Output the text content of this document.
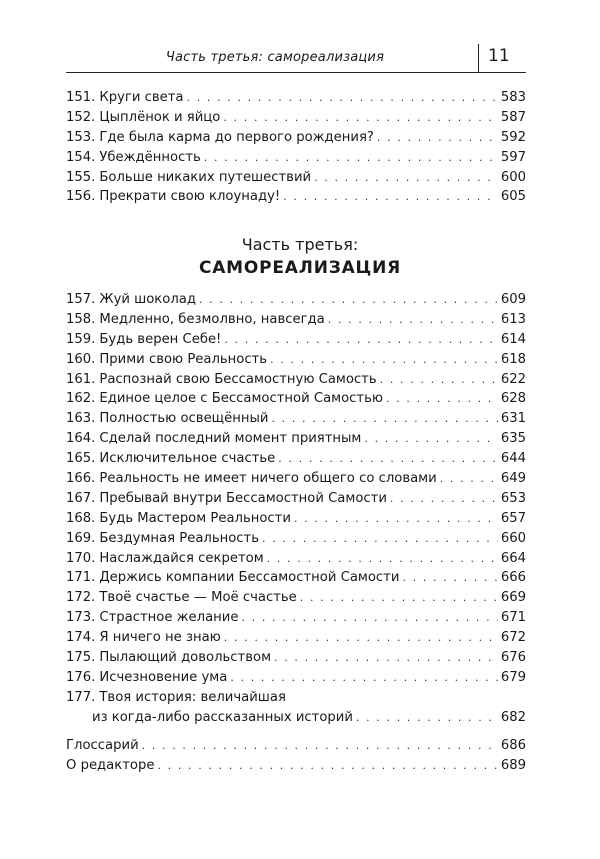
Часть третья: самореализация	11
151. Круги света . . .	583
152. Цыплёнок и яйцо . . .	587
153. Где была карма до первого рождения? . . .	592
154. Убеждённость . . .	597
155. Больше никаких путешествий . . .	600
156. Прекрати свою клоунаду! . . .	605
Часть третья:
САМОРЕАЛИЗАЦИЯ
157. Жуй шоколад . . .	609
158. Медленно, безмолвно, навсегда . . .	613
159. Будь верен Себе! . . .	614
160. Прими свою Реальность . . .	618
161. Распознай свою Бессамостную Самость . . .	622
162. Единое целое с Бессамостной Самостью . . .	628
163. Полностью освещённый . . .	631
164. Сделай последний момент приятным . . .	635
165. Исключительное счастье . . .	644
166. Реальность не имеет ничего общего со словами . . .	649
167. Пребывай внутри Бессамостной Самости . . .	653
168. Будь Мастером Реальности . . .	657
169. Бездумная Реальность . . .	660
170. Наслаждайся секретом . . .	664
171. Держись компании Бессамостной Самости . . .	666
172. Твоё счастье — Моё счастье . . .	669
173. Страстное желание . . .	671
174. Я ничего не знаю . . .	672
175. Пылающий довольством . . .	676
176. Исчезновение ума . . .	679
177. Твоя история: величайшая
из когда-либо рассказанных историй . . .	682
Глоссарий . . .	686
О редакторе . . .	689
